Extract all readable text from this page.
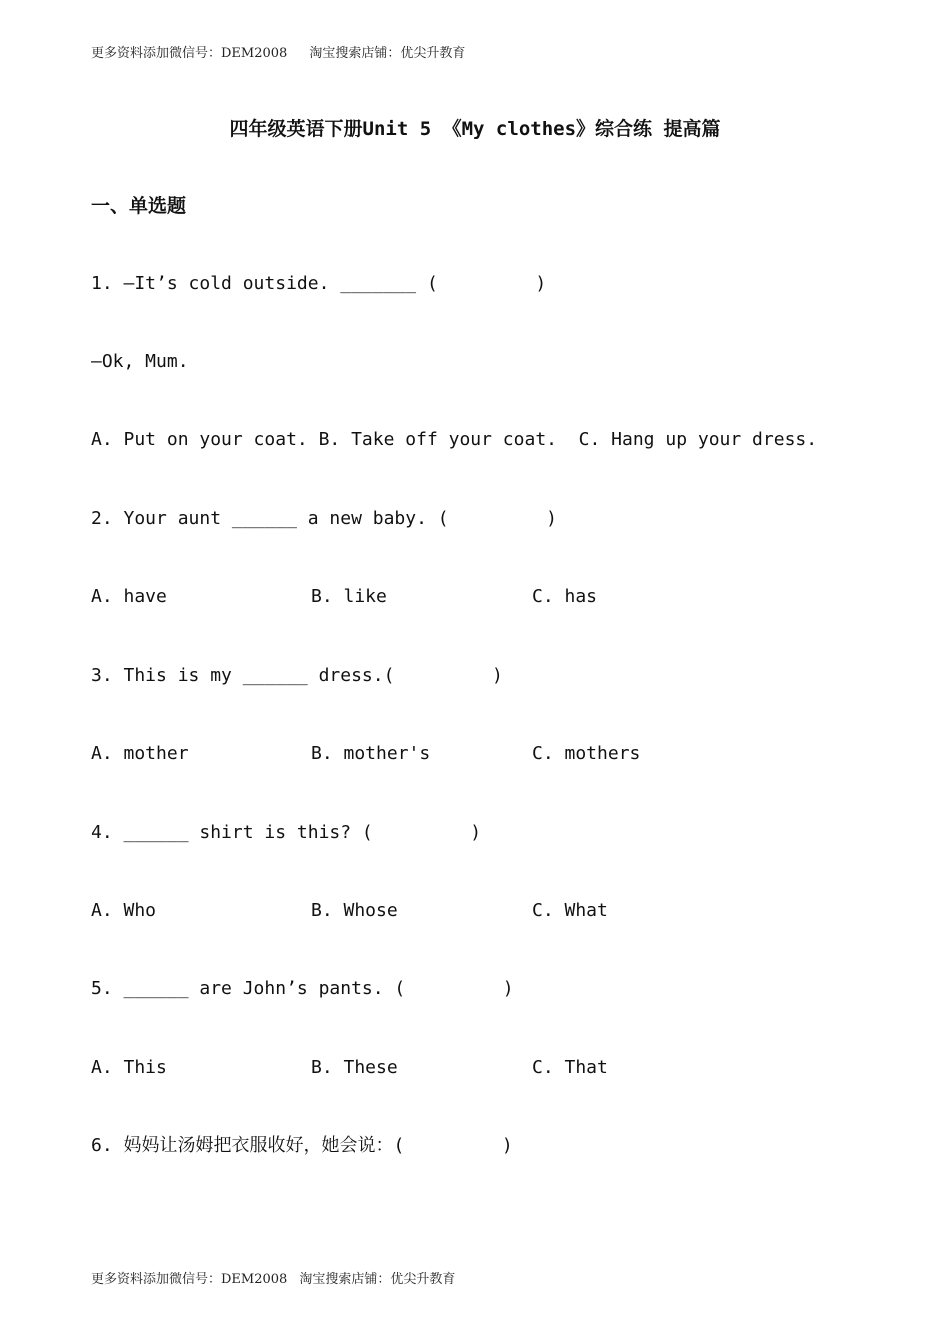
更多资料添加微信号：DEM2008 淘宝搜索店铺：优尖升教育
四年级英语下册Unit 5 《My clothes》综合练 提高篇
一、单选题
1. —It’s cold outside. _______ (         )
—Ok, Mum.
A. Put on your coat. B. Take off your coat.  C. Hang up your dress.
2. Your aunt ______ a new baby. (         )
A. have	B. like	C. has
3. This is my ______ dress.(         )
A. mother	B. mother's	C. mothers
4. ______ shirt is this? (         )
A. Who	B. Whose	C. What
5. ______ are John’s pants. (         )
A. This	B. These	C. That
6. 妈妈让汤姆把衣服收好，她会说：(         )
更多资料添加微信号：DEM2008 淘宝搜索店铺：优尖升教育
